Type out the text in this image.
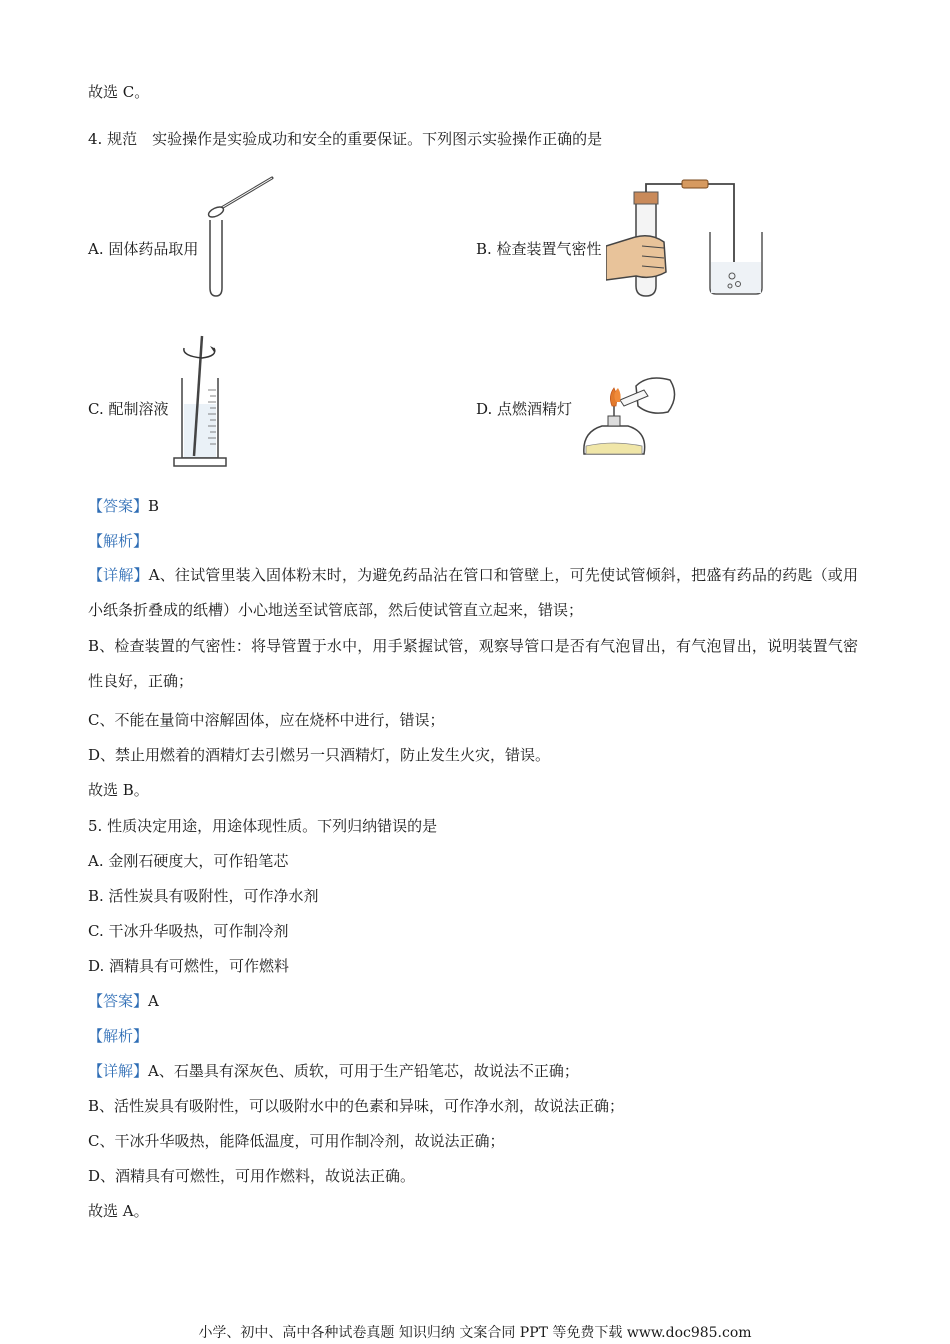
故选 C。
4. 规范　实验操作是实验成功和安全的重要保证。下列图示实验操作正确的是
A. 固体药品取用	B. 检查装置气密性
C. 配制溶液	D. 点燃酒精灯
【答案】B
【解析】
【详解】A、往试管里装入固体粉末时，为避免药品沾在管口和管壁上，可先使试管倾斜，把盛有药品的药匙（或用小纸条折叠成的纸槽）小心地送至试管底部，然后使试管直立起来，错误；
B、检查装置的气密性：将导管置于水中，用手紧握试管，观察导管口是否有气泡冒出，有气泡冒出，说明装置气密性良好，正确；
C、不能在量筒中溶解固体，应在烧杯中进行，错误；
D、禁止用燃着的酒精灯去引燃另一只酒精灯，防止发生火灾，错误。
故选 B。
5. 性质决定用途，用途体现性质。下列归纳错误的是
A. 金刚石硬度大，可作铅笔芯
B. 活性炭具有吸附性，可作净水剂
C. 干冰升华吸热，可作制冷剂
D. 酒精具有可燃性，可作燃料
【答案】A
【解析】
【详解】A、石墨具有深灰色、质软，可用于生产铅笔芯，故说法不正确；
B、活性炭具有吸附性，可以吸附水中的色素和异味，可作净水剂，故说法正确；
C、干冰升华吸热，能降低温度，可用作制冷剂，故说法正确；
D、酒精具有可燃性，可用作燃料，故说法正确。
故选 A。
小学、初中、高中各种试卷真题 知识归纳 文案合同 PPT 等免费下载 www.doc985.com
